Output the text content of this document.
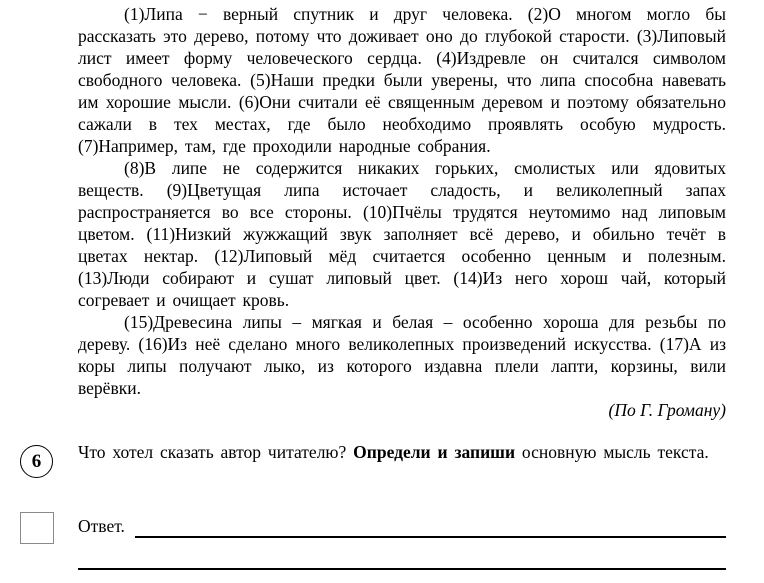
(1)Липа − верный спутник и друг человека. (2)О многом могло бы рассказать это дерево, потому что доживает оно до глубокой старости. (3)Липовый лист имеет форму человеческого сердца. (4)Издревле он считался символом свободного человека. (5)Наши предки были уверены, что липа способна навевать им хорошие мысли. (6)Они считали её священным деревом и поэтому обязательно сажали в тех местах, где было необходимо проявлять особую мудрость. (7)Например, там, где проходили народные собрания.

(8)В липе не содержится никаких горьких, смолистых или ядовитых веществ. (9)Цветущая липа источает сладость, и великолепный запах распространяется во все стороны. (10)Пчёлы трудятся неутомимо над липовым цветом. (11)Низкий жужжащий звук заполняет всё дерево, и обильно течёт в цветах нектар. (12)Липовый мёд считается особенно ценным и полезным. (13)Люди собирают и сушат липовый цвет. (14)Из него хорош чай, который согревает и очищает кровь.

(15)Древесина липы – мягкая и белая – особенно хороша для резьбы по дереву. (16)Из неё сделано много великолепных произведений искусства. (17)А из коры липы получают лыко, из которого издавна плели лапти, корзины, вили верёвки.

(По Г. Громану)

6 Что хотел сказать автор читателю? Определи и запиши основную мысль текста.

Ответ.
